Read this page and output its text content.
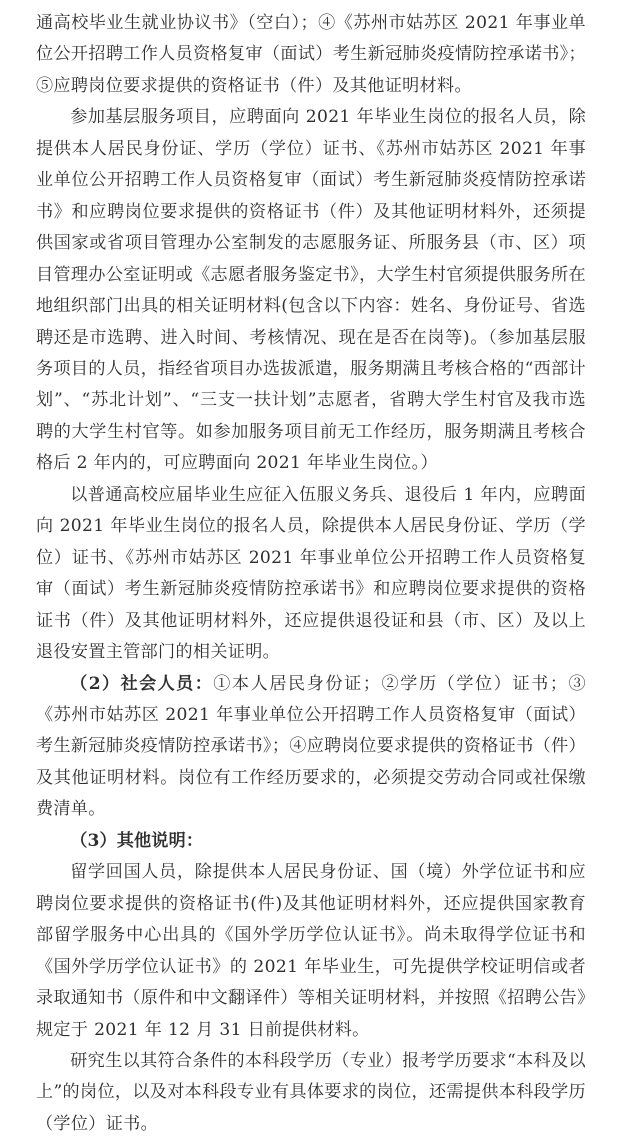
通高校毕业生就业协议书》（空白）；④《苏州市姑苏区 2021 年事业单位公开招聘工作人员资格复审（面试）考生新冠肺炎疫情防控承诺书》；⑤应聘岗位要求提供的资格证书（件）及其他证明材料。

参加基层服务项目，应聘面向 2021 年毕业生岗位的报名人员，除提供本人居民身份证、学历（学位）证书、《苏州市姑苏区 2021 年事业单位公开招聘工作人员资格复审（面试）考生新冠肺炎疫情防控承诺书》和应聘岗位要求提供的资格证书（件）及其他证明材料外，还须提供国家或省项目管理办公室制发的志愿服务证、所服务县（市、区）项目管理办公室证明或《志愿者服务鉴定书》，大学生村官须提供服务所在地组织部门出具的相关证明材料(包含以下内容：姓名、身份证号、省选聘还是市选聘、进入时间、考核情况、现在是否在岗等)。（参加基层服务项目的人员，指经省项目办选拔派遣，服务期满且考核合格的“西部计划”、“苏北计划”、“三支一扶计划”志愿者，省聘大学生村官及我市选聘的大学生村官等。如参加服务项目前无工作经历，服务期满且考核合格后 2 年内的，可应聘面向 2021 年毕业生岗位。）

以普通高校应届毕业生应征入伍服义务兵、退役后 1 年内，应聘面向 2021 年毕业生岗位的报名人员，除提供本人居民身份证、学历（学位）证书、《苏州市姑苏区 2021 年事业单位公开招聘工作人员资格复审（面试）考生新冠肺炎疫情防控承诺书》和应聘岗位要求提供的资格证书（件）及其他证明材料外，还应提供退役证和县（市、区）及以上退役安置主管部门的相关证明。

（2）社会人员：①本人居民身份证；②学历（学位）证书；③《苏州市姑苏区 2021 年事业单位公开招聘工作人员资格复审（面试）考生新冠肺炎疫情防控承诺书》；④应聘岗位要求提供的资格证书（件）及其他证明材料。岗位有工作经历要求的，必须提交劳动合同或社保缴费清单。

（3）其他说明：

留学回国人员，除提供本人居民身份证、国（境）外学位证书和应聘岗位要求提供的资格证书(件)及其他证明材料外，还应提供国家教育部留学服务中心出具的《国外学历学位认证书》。尚未取得学位证书和《国外学历学位认证书》的 2021 年毕业生，可先提供学校证明信或者录取通知书（原件和中文翻译件）等相关证明材料，并按照《招聘公告》规定于 2021 年 12 月 31 日前提供材料。

研究生以其符合条件的本科段学历（专业）报考学历要求“本科及以上”的岗位，以及对本科段专业有具体要求的岗位，还需提供本科段学历（学位）证书。
